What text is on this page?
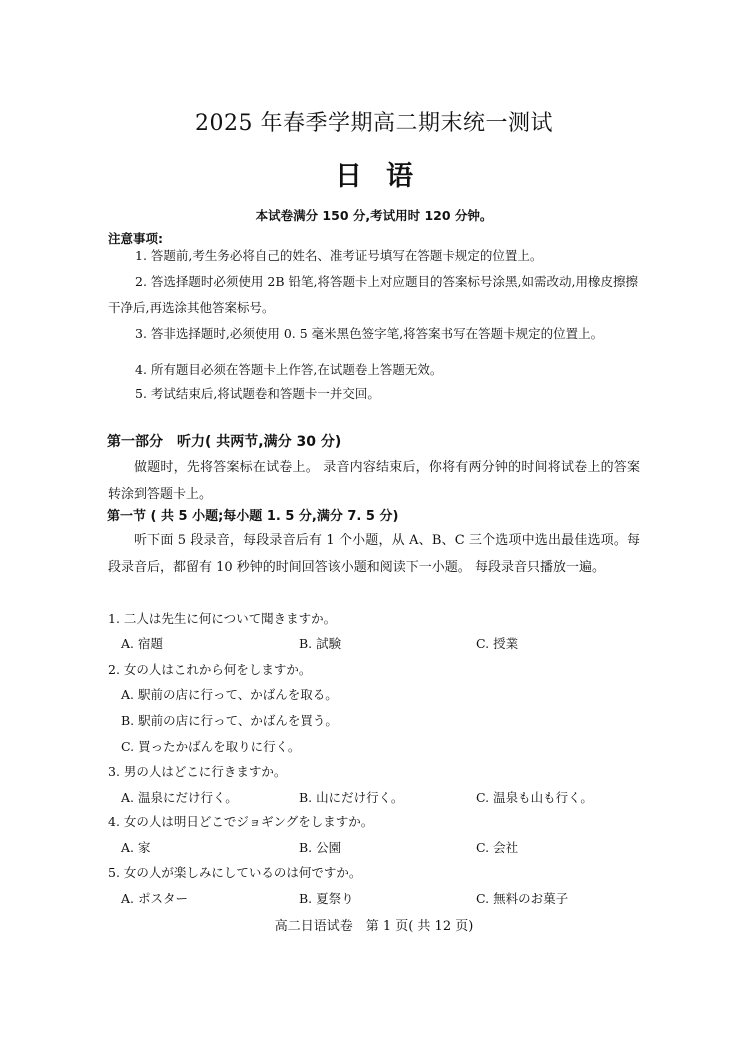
2025 年春季学期高二期末统一测试
日语
本试卷满分 150 分,考试用时 120 分钟。
注意事项:
1. 答题前,考生务必将自己的姓名、准考证号填写在答题卡规定的位置上。
2. 答选择题时必须使用 2B 铅笔,将答题卡上对应题目的答案标号涂黑,如需改动,用橡皮擦擦干净后,再选涂其他答案标号。
3. 答非选择题时,必须使用 0. 5 毫米黑色签字笔,将答案书写在答题卡规定的位置上。
4. 所有题目必须在答题卡上作答,在试题卷上答题无效。
5. 考试结束后,将试题卷和答题卡一并交回。
第一部分　听力( 共两节,满分 30 分)
做题时，先将答案标在试卷上。 录音内容结束后，你将有两分钟的时间将试卷上的答案转涂到答题卡上。
第一节 ( 共 5 小题;每小题 1. 5 分,满分 7. 5 分)
听下面 5 段录音，每段录音后有 1 个小题，从 A、B、C 三个选项中选出最佳选项。每段录音后，都留有 10 秒钟的时间回答该小题和阅读下一小题。 每段录音只播放一遍。
1. 二人は先生に何について聞きますか。
A. 宿題	B. 試験	C. 授業
2. 女の人はこれから何をしますか。
A. 駅前の店に行って、かばんを取る。
B. 駅前の店に行って、かばんを買う。
C. 買ったかばんを取りに行く。
3. 男の人はどこに行きますか。
A. 温泉にだけ行く。	B. 山にだけ行く。	C. 温泉も山も行く。
4. 女の人は明日どこでジョギングをしますか。
A. 家	B. 公園	C. 会社
5. 女の人が楽しみにしているのは何ですか。
A. ポスター	B. 夏祭り	C. 無料のお菓子
高二日语试卷　第 1 页( 共 12 页)
